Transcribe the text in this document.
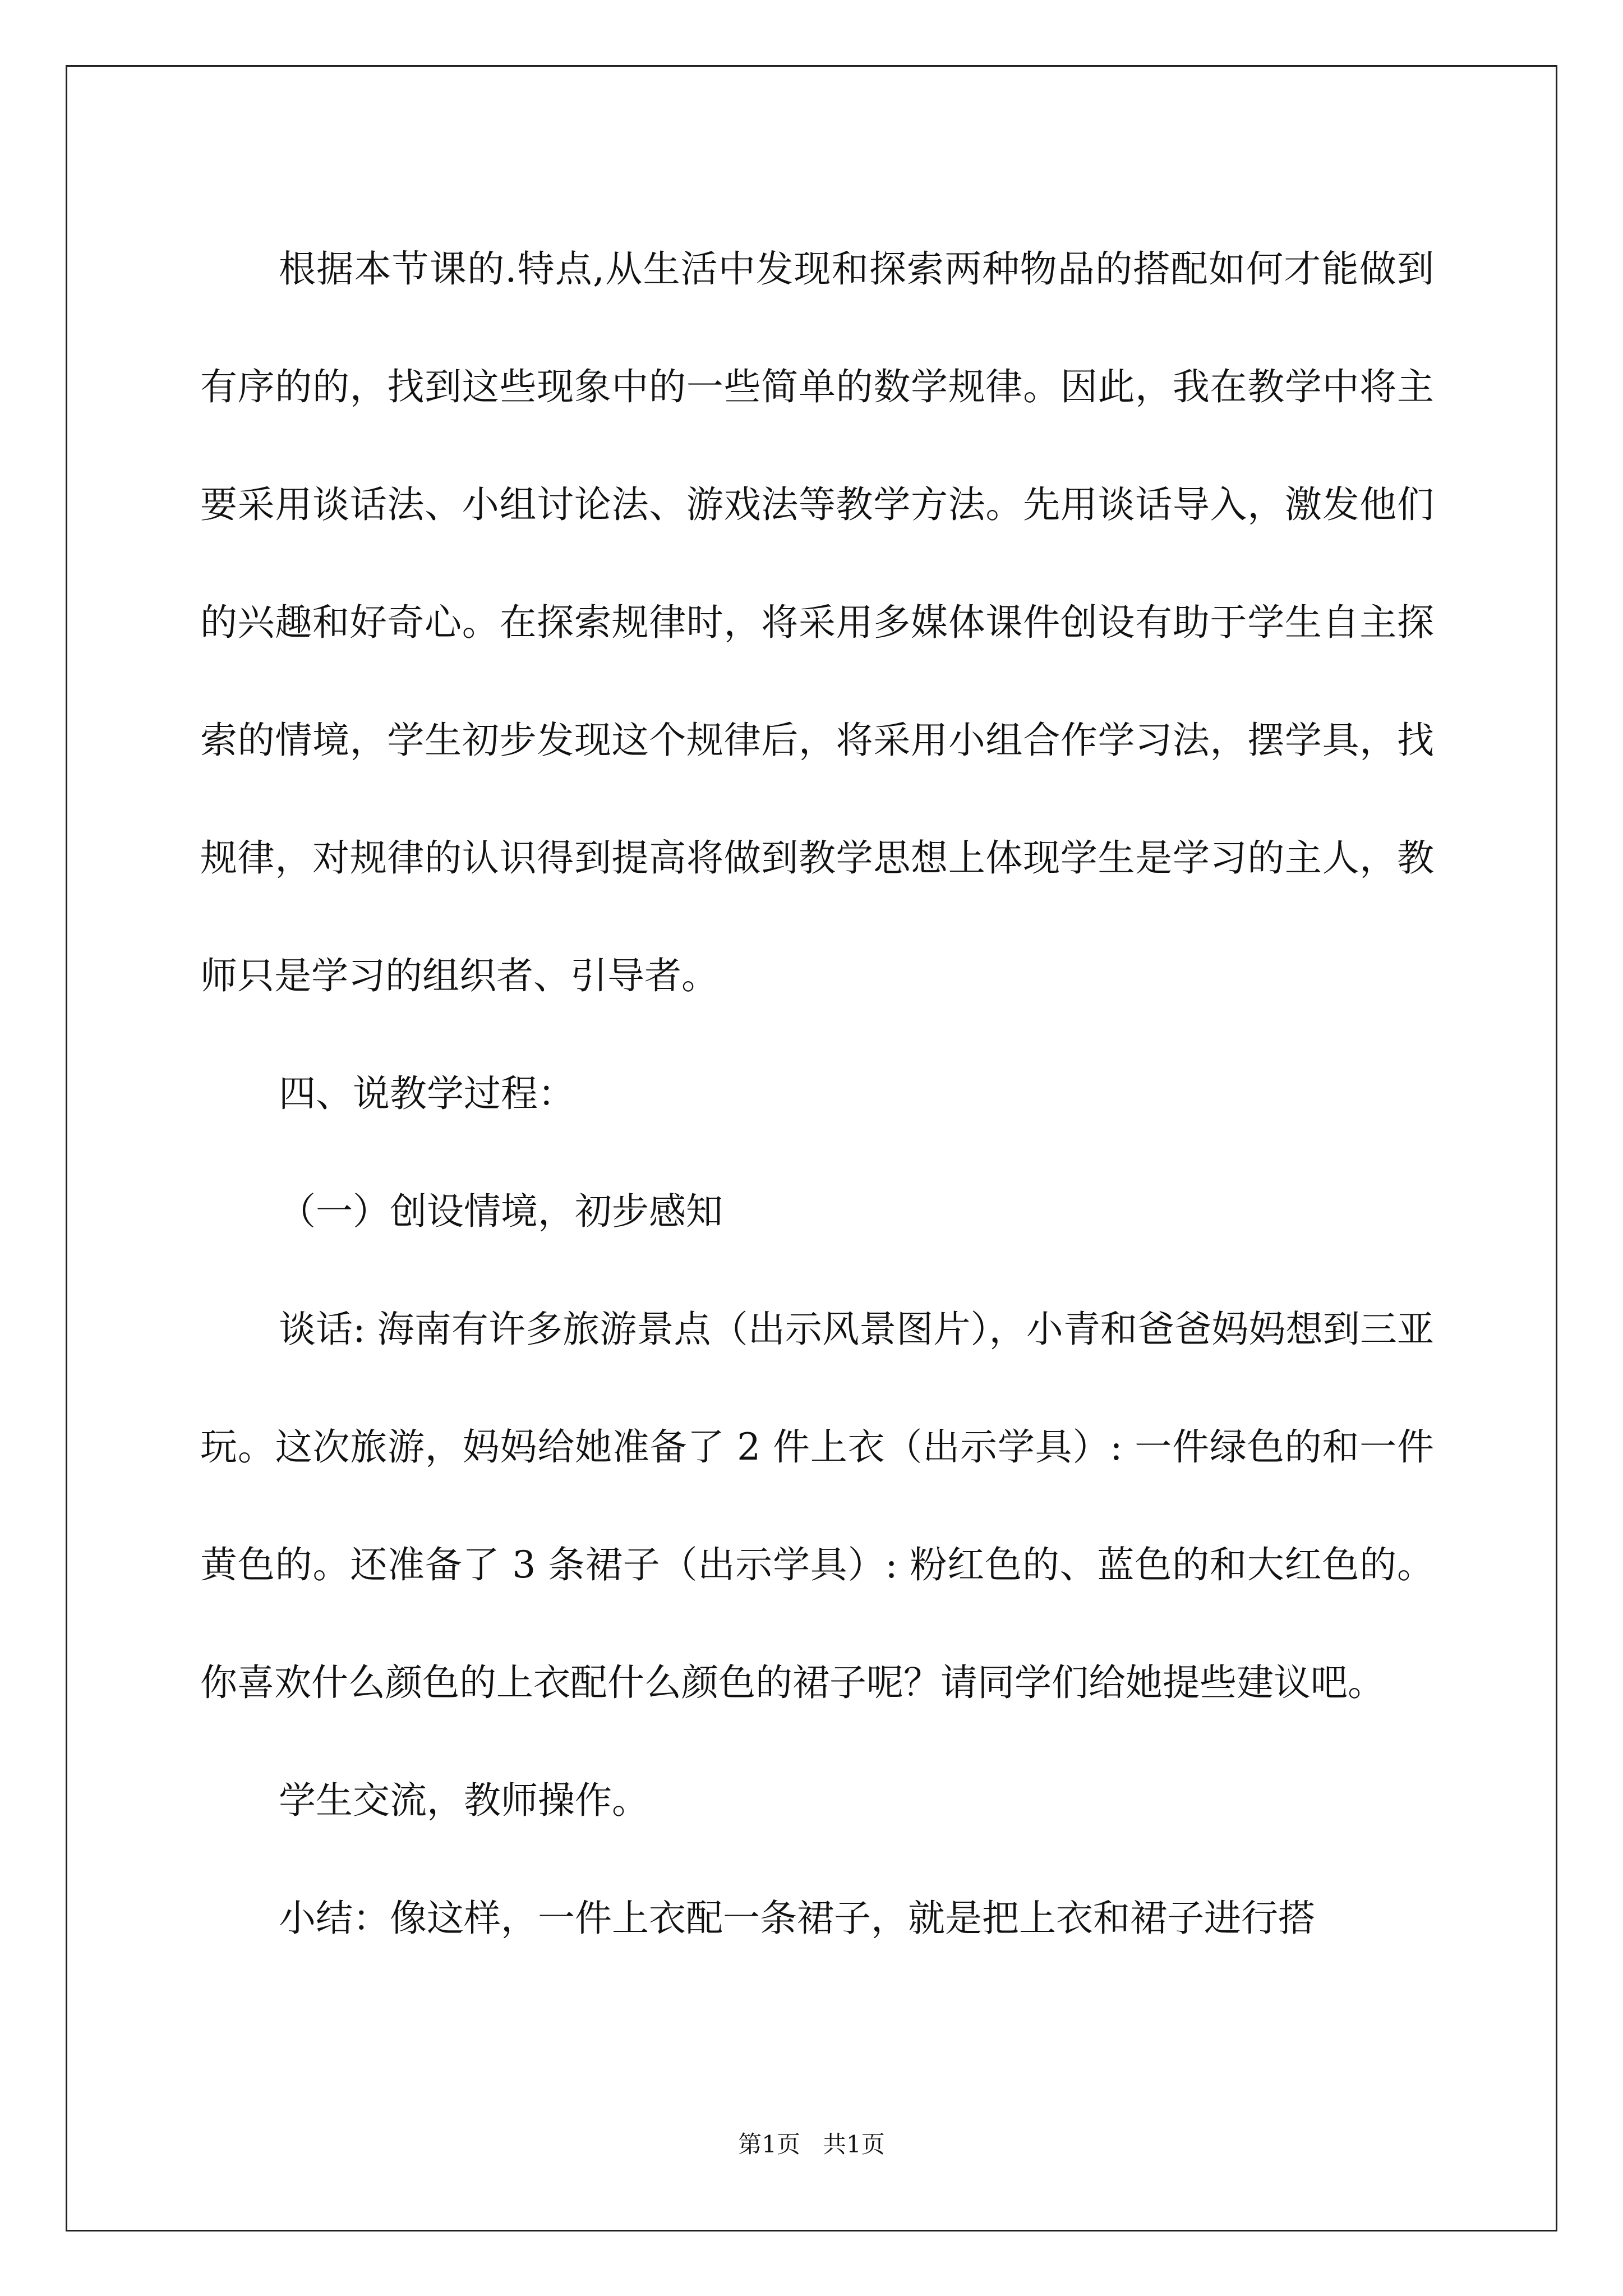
根据本节课的.特点,从生活中发现和探索两种物品的搭配如何才能做到有序的的，找到这些现象中的一些简单的数学规律。因此，我在教学中将主要采用谈话法、小组讨论法、游戏法等教学方法。先用谈话导入，激发他们的兴趣和好奇心。在探索规律时，将采用多媒体课件创设有助于学生自主探索的情境，学生初步发现这个规律后，将采用小组合作学习法，摆学具，找规律，对规律的认识得到提高将做到教学思想上体现学生是学习的主人，教师只是学习的组织者、引导者。

四、说教学过程：

（一）创设情境，初步感知

谈话: 海南有许多旅游景点（出示风景图片），小青和爸爸妈妈想到三亚玩。这次旅游，妈妈给她准备了 2 件上衣（出示学具）: 一件绿色的和一件黄色的。还准备了 3 条裙子（出示学具）: 粉红色的、蓝色的和大红色的。你喜欢什么颜色的上衣配什么颜色的裙子呢？请同学们给她提些建议吧。

学生交流，教师操作。

小结：像这样，一件上衣配一条裙子，就是把上衣和裙子进行搭

第1页 共1页
